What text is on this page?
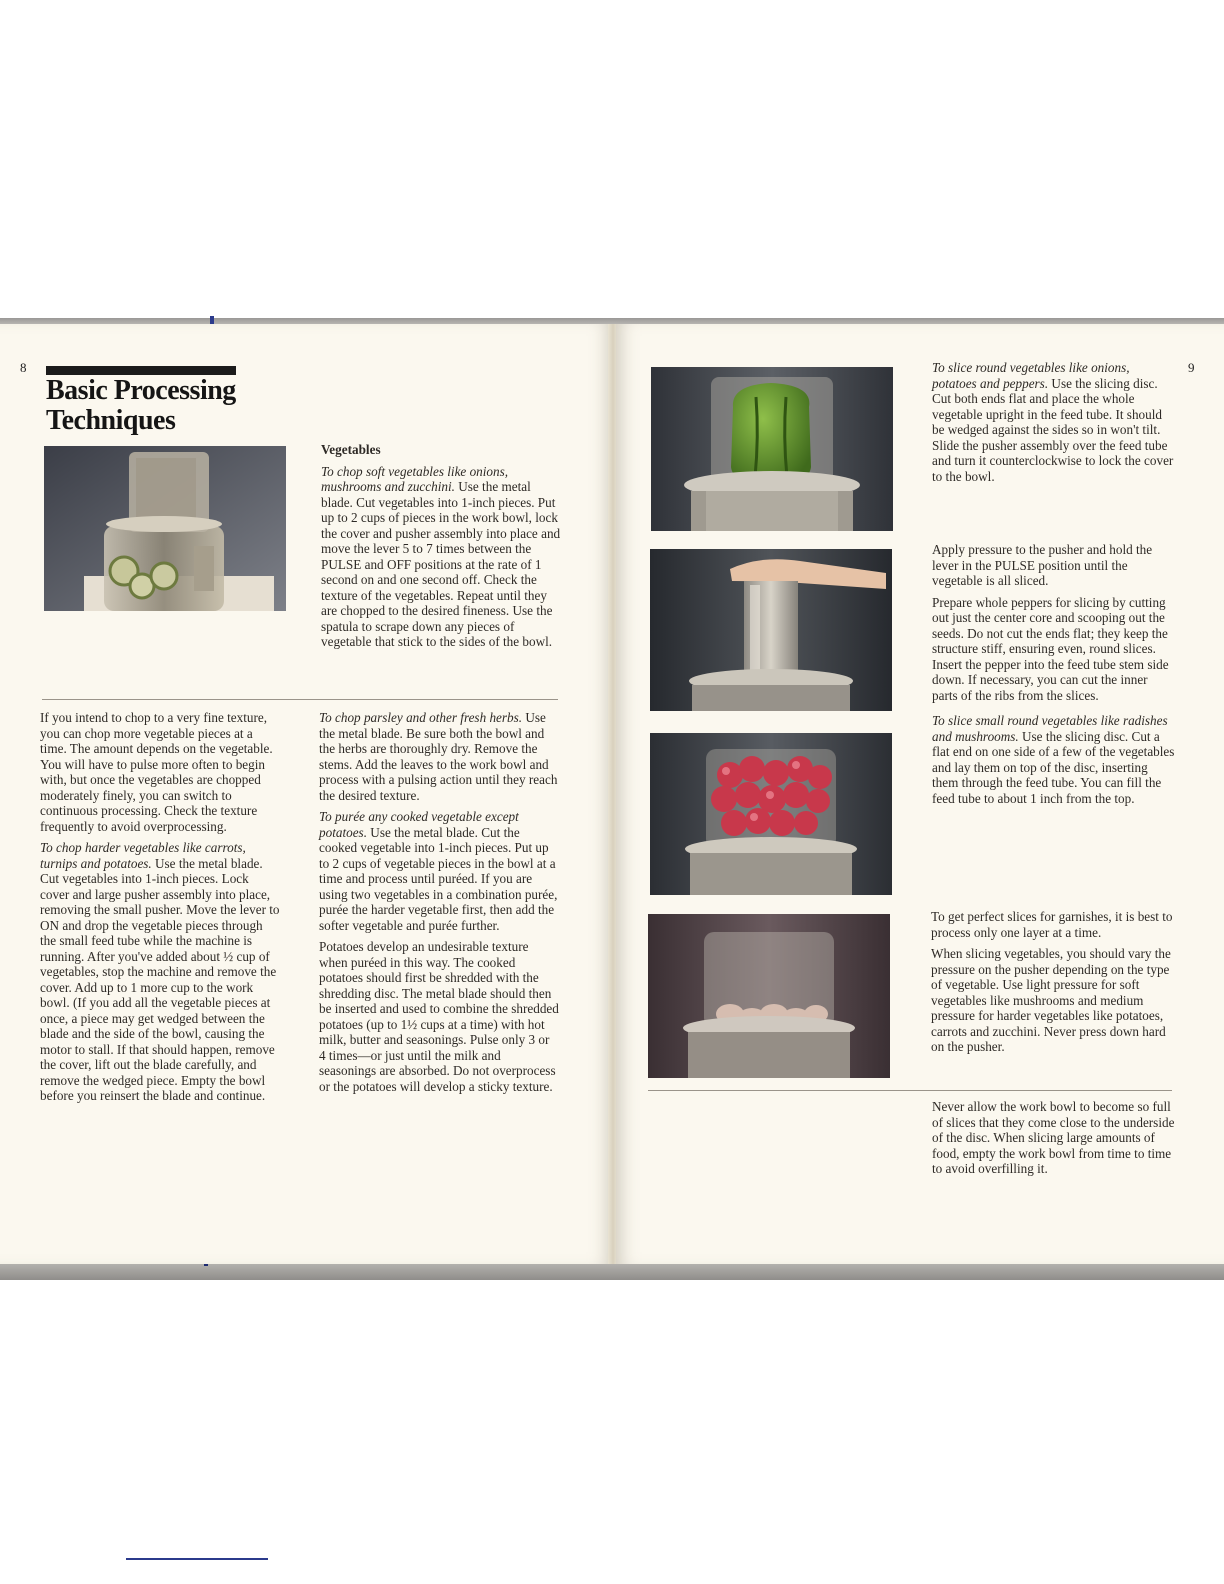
8
Basic Processing
Techniques

Vegetables

To chop soft vegetables like onions, mushrooms and zucchini. Use the metal blade. Cut vegetables into 1-inch pieces. Put up to 2 cups of pieces in the work bowl, lock the cover and pusher assembly into place and move the lever 5 to 7 times between the PULSE and OFF positions at the rate of 1 second on and one second off. Check the texture of the vegetables. Repeat until they are chopped to the desired fineness. Use the spatula to scrape down any pieces of vegetable that stick to the sides of the bowl.

If you intend to chop to a very fine texture, you can chop more vegetable pieces at a time. The amount depends on the vegetable. You will have to pulse more often to begin with, but once the vegetables are chopped moderately finely, you can switch to continuous processing. Check the texture frequently to avoid overprocessing.

To chop harder vegetables like carrots, turnips and potatoes. Use the metal blade. Cut vegetables into 1-inch pieces. Lock cover and large pusher assembly into place, removing the small pusher. Move the lever to ON and drop the vegetable pieces through the small feed tube while the machine is running. After you've added about ½ cup of vegetables, stop the machine and remove the cover. Add up to 1 more cup to the work bowl. (If you add all the vegetable pieces at once, a piece may get wedged between the blade and the side of the bowl, causing the motor to stall. If that should happen, remove the cover, lift out the blade carefully, and remove the wedged piece. Empty the bowl before you reinsert the blade and continue.

To chop parsley and other fresh herbs. Use the metal blade. Be sure both the bowl and the herbs are thoroughly dry. Remove the stems. Add the leaves to the work bowl and process with a pulsing action until they reach the desired texture.

To purée any cooked vegetable except potatoes. Use the metal blade. Cut the cooked vegetable into 1-inch pieces. Put up to 2 cups of vegetable pieces in the bowl at a time and process until puréed. If you are using two vegetables in a combination purée, purée the harder vegetable first, then add the softer vegetable and purée further.

Potatoes develop an undesirable texture when puréed in this way. The cooked potatoes should first be shredded with the shredding disc. The metal blade should then be inserted and used to combine the shredded potatoes (up to 1½ cups at a time) with hot milk, butter and seasonings. Pulse only 3 or 4 times—or just until the milk and seasonings are absorbed. Do not overprocess or the potatoes will develop a sticky texture.

9

To slice round vegetables like onions, potatoes and peppers. Use the slicing disc. Cut both ends flat and place the whole vegetable upright in the feed tube. It should be wedged against the sides so in won't tilt. Slide the pusher assembly over the feed tube and turn it counterclockwise to lock the cover to the bowl.

Apply pressure to the pusher and hold the lever in the PULSE position until the vegetable is all sliced.

Prepare whole peppers for slicing by cutting out just the center core and scooping out the seeds. Do not cut the ends flat; they keep the structure stiff, ensuring even, round slices. Insert the pepper into the feed tube stem side down. If necessary, you can cut the inner parts of the ribs from the slices.

To slice small round vegetables like radishes and mushrooms. Use the slicing disc. Cut a flat end on one side of a few of the vegetables and lay them on top of the disc, inserting them through the feed tube. You can fill the feed tube to about 1 inch from the top.

To get perfect slices for garnishes, it is best to process only one layer at a time.

When slicing vegetables, you should vary the pressure on the pusher depending on the type of vegetable. Use light pressure for soft vegetables like mushrooms and medium pressure for harder vegetables like potatoes, carrots and zucchini. Never press down hard on the pusher.

Never allow the work bowl to become so full of slices that they come close to the underside of the disc. When slicing large amounts of food, empty the work bowl from time to time to avoid overfilling it.
